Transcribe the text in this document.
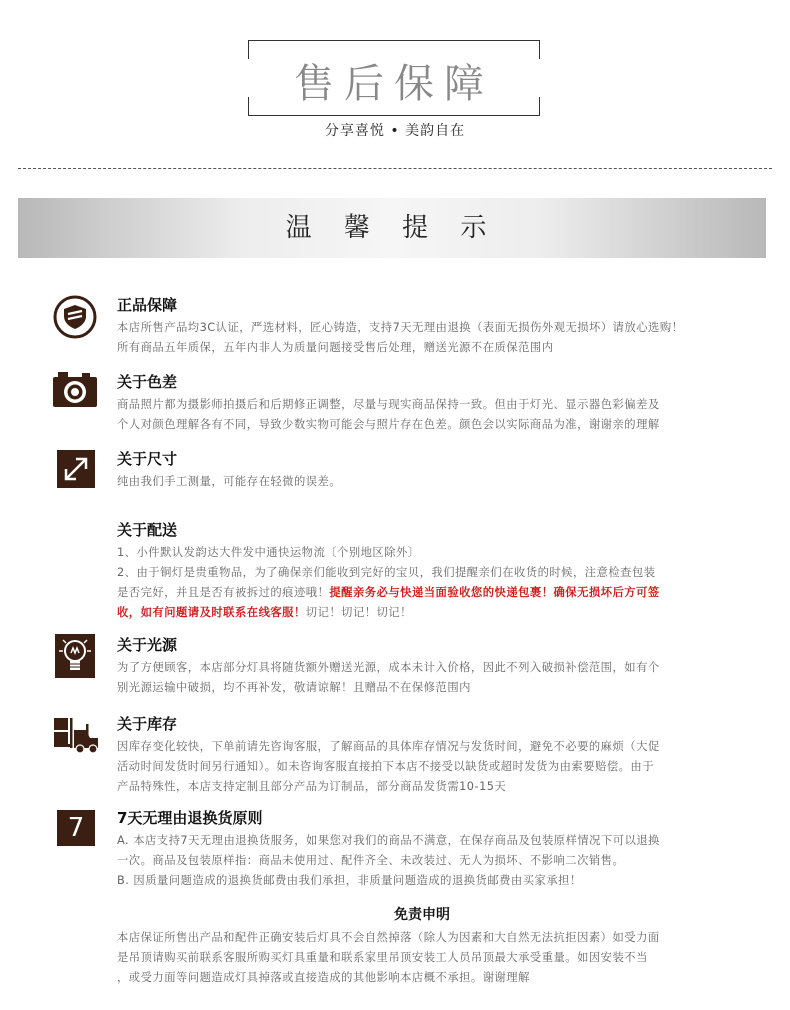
售后保障
分享喜悦 • 美韵自在
温 馨 提 示
正品保障
本店所售产品均3C认证，严选材料，匠心铸造，支持7天无理由退换（表面无损伤外观无损坏）请放心选购！
所有商品五年质保，五年内非人为质量问题接受售后处理，赠送光源不在质保范围内
关于色差
商品照片都为摄影师拍摄后和后期修正调整，尽量与现实商品保持一致。但由于灯光、显示器色彩偏差及
个人对颜色理解各有不同，导致少数实物可能会与照片存在色差。颜色会以实际商品为准，谢谢亲的理解
关于尺寸
纯由我们手工测量，可能存在轻微的误差。
关于配送
1、小件默认发韵达大件发中通快运物流〔个别地区除外〕
2、由于铜灯是贵重物品，为了确保亲们能收到完好的宝贝，我们提醒亲们在收货的时候，注意检查包装
是否完好，并且是否有被拆过的痕迹哦！提醒亲务必与快递当面验收您的快递包裹！确保无损坏后方可签
收，如有问题请及时联系在线客服！切记！切记！切记！
关于光源
为了方便顾客，本店部分灯具将随货额外赠送光源，成本未计入价格，因此不列入破损补偿范围，如有个
别光源运输中破损，均不再补发，敬请谅解！且赠品不在保修范围内
关于库存
因库存变化较快，下单前请先咨询客服，了解商品的具体库存情况与发货时间，避免不必要的麻烦（大促
活动时间发货时间另行通知）。如未咨询客服直接拍下本店不接受以缺货或超时发货为由索要赔偿。由于
产品特殊性，本店支持定制且部分产品为订制品，部分商品发货需10-15天
7	7天无理由退换货原则
A. 本店支持7天无理由退换货服务，如果您对我们的商品不满意，在保存商品及包装原样情况下可以退换
一次。商品及包装原样指：商品未使用过、配件齐全、未改装过、无人为损坏、不影响二次销售。
B. 因质量问题造成的退换货邮费由我们承担，非质量问题造成的退换货邮费由买家承担！
免责申明
本店保证所售出产品和配件正确安装后灯具不会自然掉落（除人为因素和大自然无法抗拒因素）如受力面
是吊顶请购买前联系客服所购买灯具重量和联系家里吊顶安装工人员吊顶最大承受重量。如因安装不当
，或受力面等问题造成灯具掉落或直接造成的其他影响本店概不承担。谢谢理解
